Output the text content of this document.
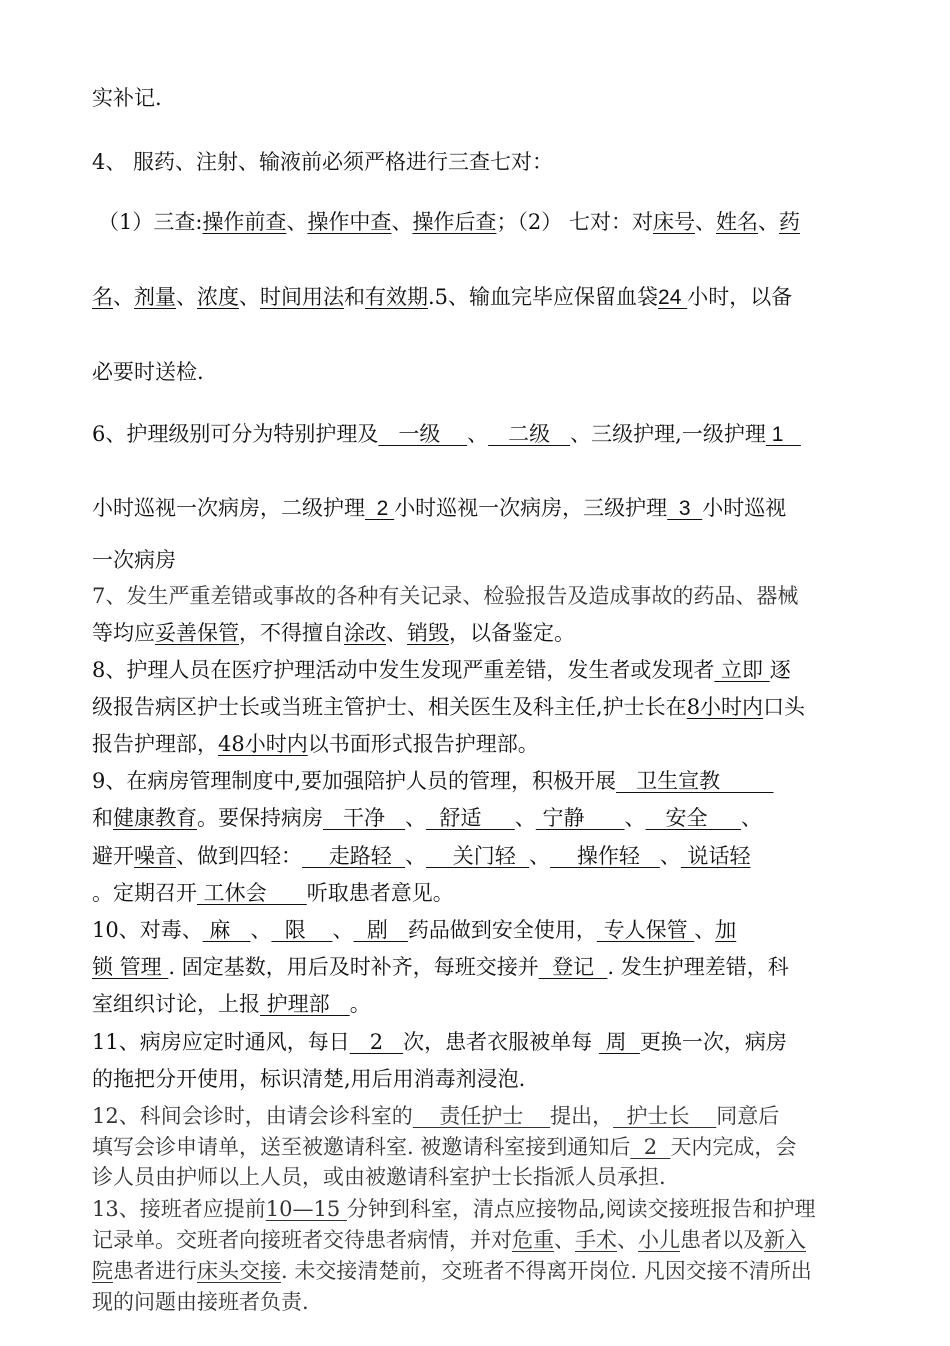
实补记.
4、 服药、注射、输液前必须严格进行三查七对：
（1）三查:操作前查、操作中查、操作后查；（2） 七对：对床号、姓名、药
名、剂量、浓度、时间用法和有效期.5、输血完毕应保留血袋24 小时，以备
必要时送检.
6、护理级别可分为特别护理及   一级    、   二级   、三级护理,一级护理 1
小时巡视一次病房，二级护理  2 小时巡视一次病房，三级护理  3  小时巡视
一次病房
7、发生严重差错或事故的各种有关记录、检验报告及造成事故的药品、器械
等均应妥善保管，不得擅自涂改、销毁，以备鉴定。
8、护理人员在医疗护理活动中发生发现严重差错，发生者或发现者 立即 逐
级报告病区护士长或当班主管护士、相关医生及科主任,护士长在8小时内口头
报告护理部，48小时内以书面形式报告护理部。
9、在病房管理制度中,要加强陪护人员的管理，积极开展   卫生宣教
和健康教育。要保持病房   干净   、  舒适     、 宁静      、   安全     、
避开噪音、做到四轻：    走路轻  、    关门轻  、    操作轻   、 说话轻
。定期召开 工休会      听取患者意见。
10、对毒、 麻   、  限    、  剧   药品做到安全使用， 专人保管 、加
锁 管理 . 固定基数，用后及时补齐，每班交接并  登记  . 发生护理差错，科
室组织讨论，上报 护理部   。
11、病房应定时通风，每日   2   次，患者衣服被单每  周  更换一次，病房
的拖把分开使用，标识清楚,用后用消毒剂浸泡.
12、科间会诊时，由请会诊科室的    责任护士    提出，  护士长    同意后
填写会诊申请单，送至被邀请科室. 被邀请科室接到通知后  2  天内完成，会
诊人员由护师以上人员，或由被邀请科室护士长指派人员承担.
13、接班者应提前10—15 分钟到科室，清点应接物品,阅读交接班报告和护理
记录单。交班者向接班者交待患者病情，并对危重、手术、小儿患者以及新入
院患者进行床头交接. 未交接清楚前，交班者不得离开岗位. 凡因交接不清所出
现的问题由接班者负责.
